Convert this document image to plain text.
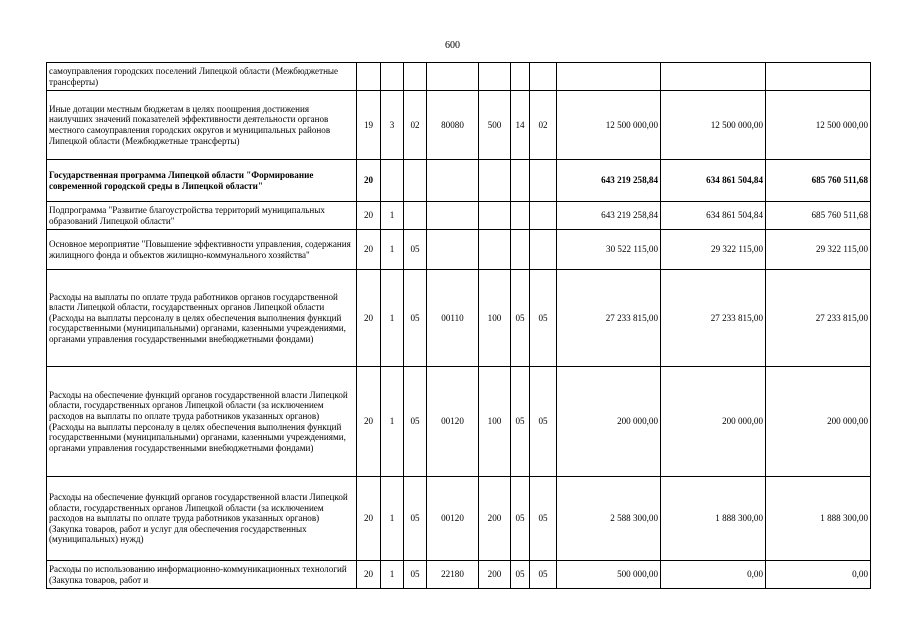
600
самоуправления городских поселений Липецкой области (Межбюджетные трансферты)										
Иные дотации местным бюджетам в целях поощрения достижения наилучших значений показателей эффективности деятельности органов местного самоуправления городских округов и муниципальных районов Липецкой области (Межбюджетные трансферты)	19	3	02	80080	500	14	02	12 500 000,00	12 500 000,00	12 500 000,00
Государственная программа Липецкой области "Формирование современной городской среды в Липецкой области"	20							643 219 258,84	634 861 504,84	685 760 511,68
Подпрограмма "Развитие благоустройства территорий муниципальных образований Липецкой области"	20	1						643 219 258,84	634 861 504,84	685 760 511,68
Основное мероприятие "Повышение эффективности управления, содержания жилищного фонда и объектов жилищно-коммунального хозяйства"	20	1	05					30 522 115,00	29 322 115,00	29 322 115,00
Расходы на выплаты по оплате труда работников органов государственной власти Липецкой области, государственных органов Липецкой области (Расходы на выплаты персоналу в целях обеспечения выполнения функций государственными (муниципальными) органами, казенными учреждениями, органами управления государственными внебюджетными фондами)	20	1	05	00110	100	05	05	27 233 815,00	27 233 815,00	27 233 815,00
Расходы на обеспечение функций органов государственной власти Липецкой области, государственных органов Липецкой области (за исключением расходов на выплаты по оплате труда работников указанных органов) (Расходы на выплаты персоналу в целях обеспечения выполнения функций государственными (муниципальными) органами, казенными учреждениями, органами управления государственными внебюджетными фондами)	20	1	05	00120	100	05	05	200 000,00	200 000,00	200 000,00
Расходы на обеспечение функций органов государственной власти Липецкой области, государственных органов Липецкой области (за исключением расходов на выплаты по оплате труда работников указанных органов) (Закупка товаров, работ и услуг для обеспечения государственных (муниципальных) нужд)	20	1	05	00120	200	05	05	2 588 300,00	1 888 300,00	1 888 300,00
Расходы по использованию информационно-коммуникационных технологий (Закупка товаров, работ и	20	1	05	22180	200	05	05	500 000,00	0,00	0,00
